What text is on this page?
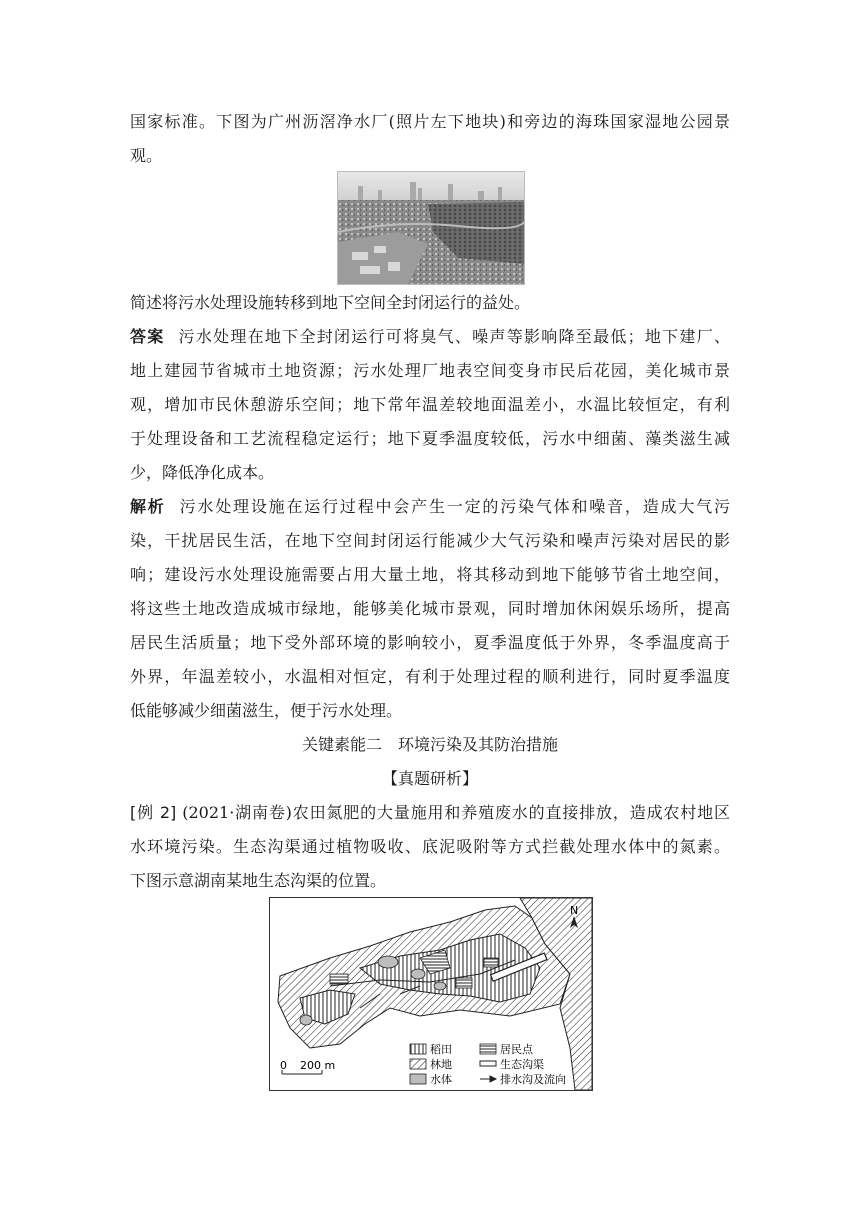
国家标准。下图为广州沥滘净水厂(照片左下地块)和旁边的海珠国家湿地公园景
观。
简述将污水处理设施转移到地下空间全封闭运行的益处。
答案 污水处理在地下全封闭运行可将臭气、噪声等影响降至最低；地下建厂、
地上建园节省城市土地资源；污水处理厂地表空间变身市民后花园，美化城市景
观，增加市民休憩游乐空间；地下常年温差较地面温差小，水温比较恒定，有利
于处理设备和工艺流程稳定运行；地下夏季温度较低，污水中细菌、藻类滋生减
少，降低净化成本。
解析 污水处理设施在运行过程中会产生一定的污染气体和噪音，造成大气污
染，干扰居民生活，在地下空间封闭运行能减少大气污染和噪声污染对居民的影
响；建设污水处理设施需要占用大量土地，将其移动到地下能够节省土地空间，
将这些土地改造成城市绿地，能够美化城市景观，同时增加休闲娱乐场所，提高
居民生活质量；地下受外部环境的影响较小，夏季温度低于外界，冬季温度高于
外界，年温差较小，水温相对恒定，有利于处理过程的顺利进行，同时夏季温度
低能够减少细菌滋生，便于污水处理。
关键素能二　环境污染及其防治措施
【真题研析】
[例 2] (2021·湖南卷)农田氮肥的大量施用和养殖废水的直接排放，造成农村地区
水环境污染。生态沟渠通过植物吸收、底泥吸附等方式拦截处理水体中的氮素。
下图示意湖南某地生态沟渠的位置。
N
0 200 m
稻田	居民点
林地	生态沟渠
水体	排水沟及流向
